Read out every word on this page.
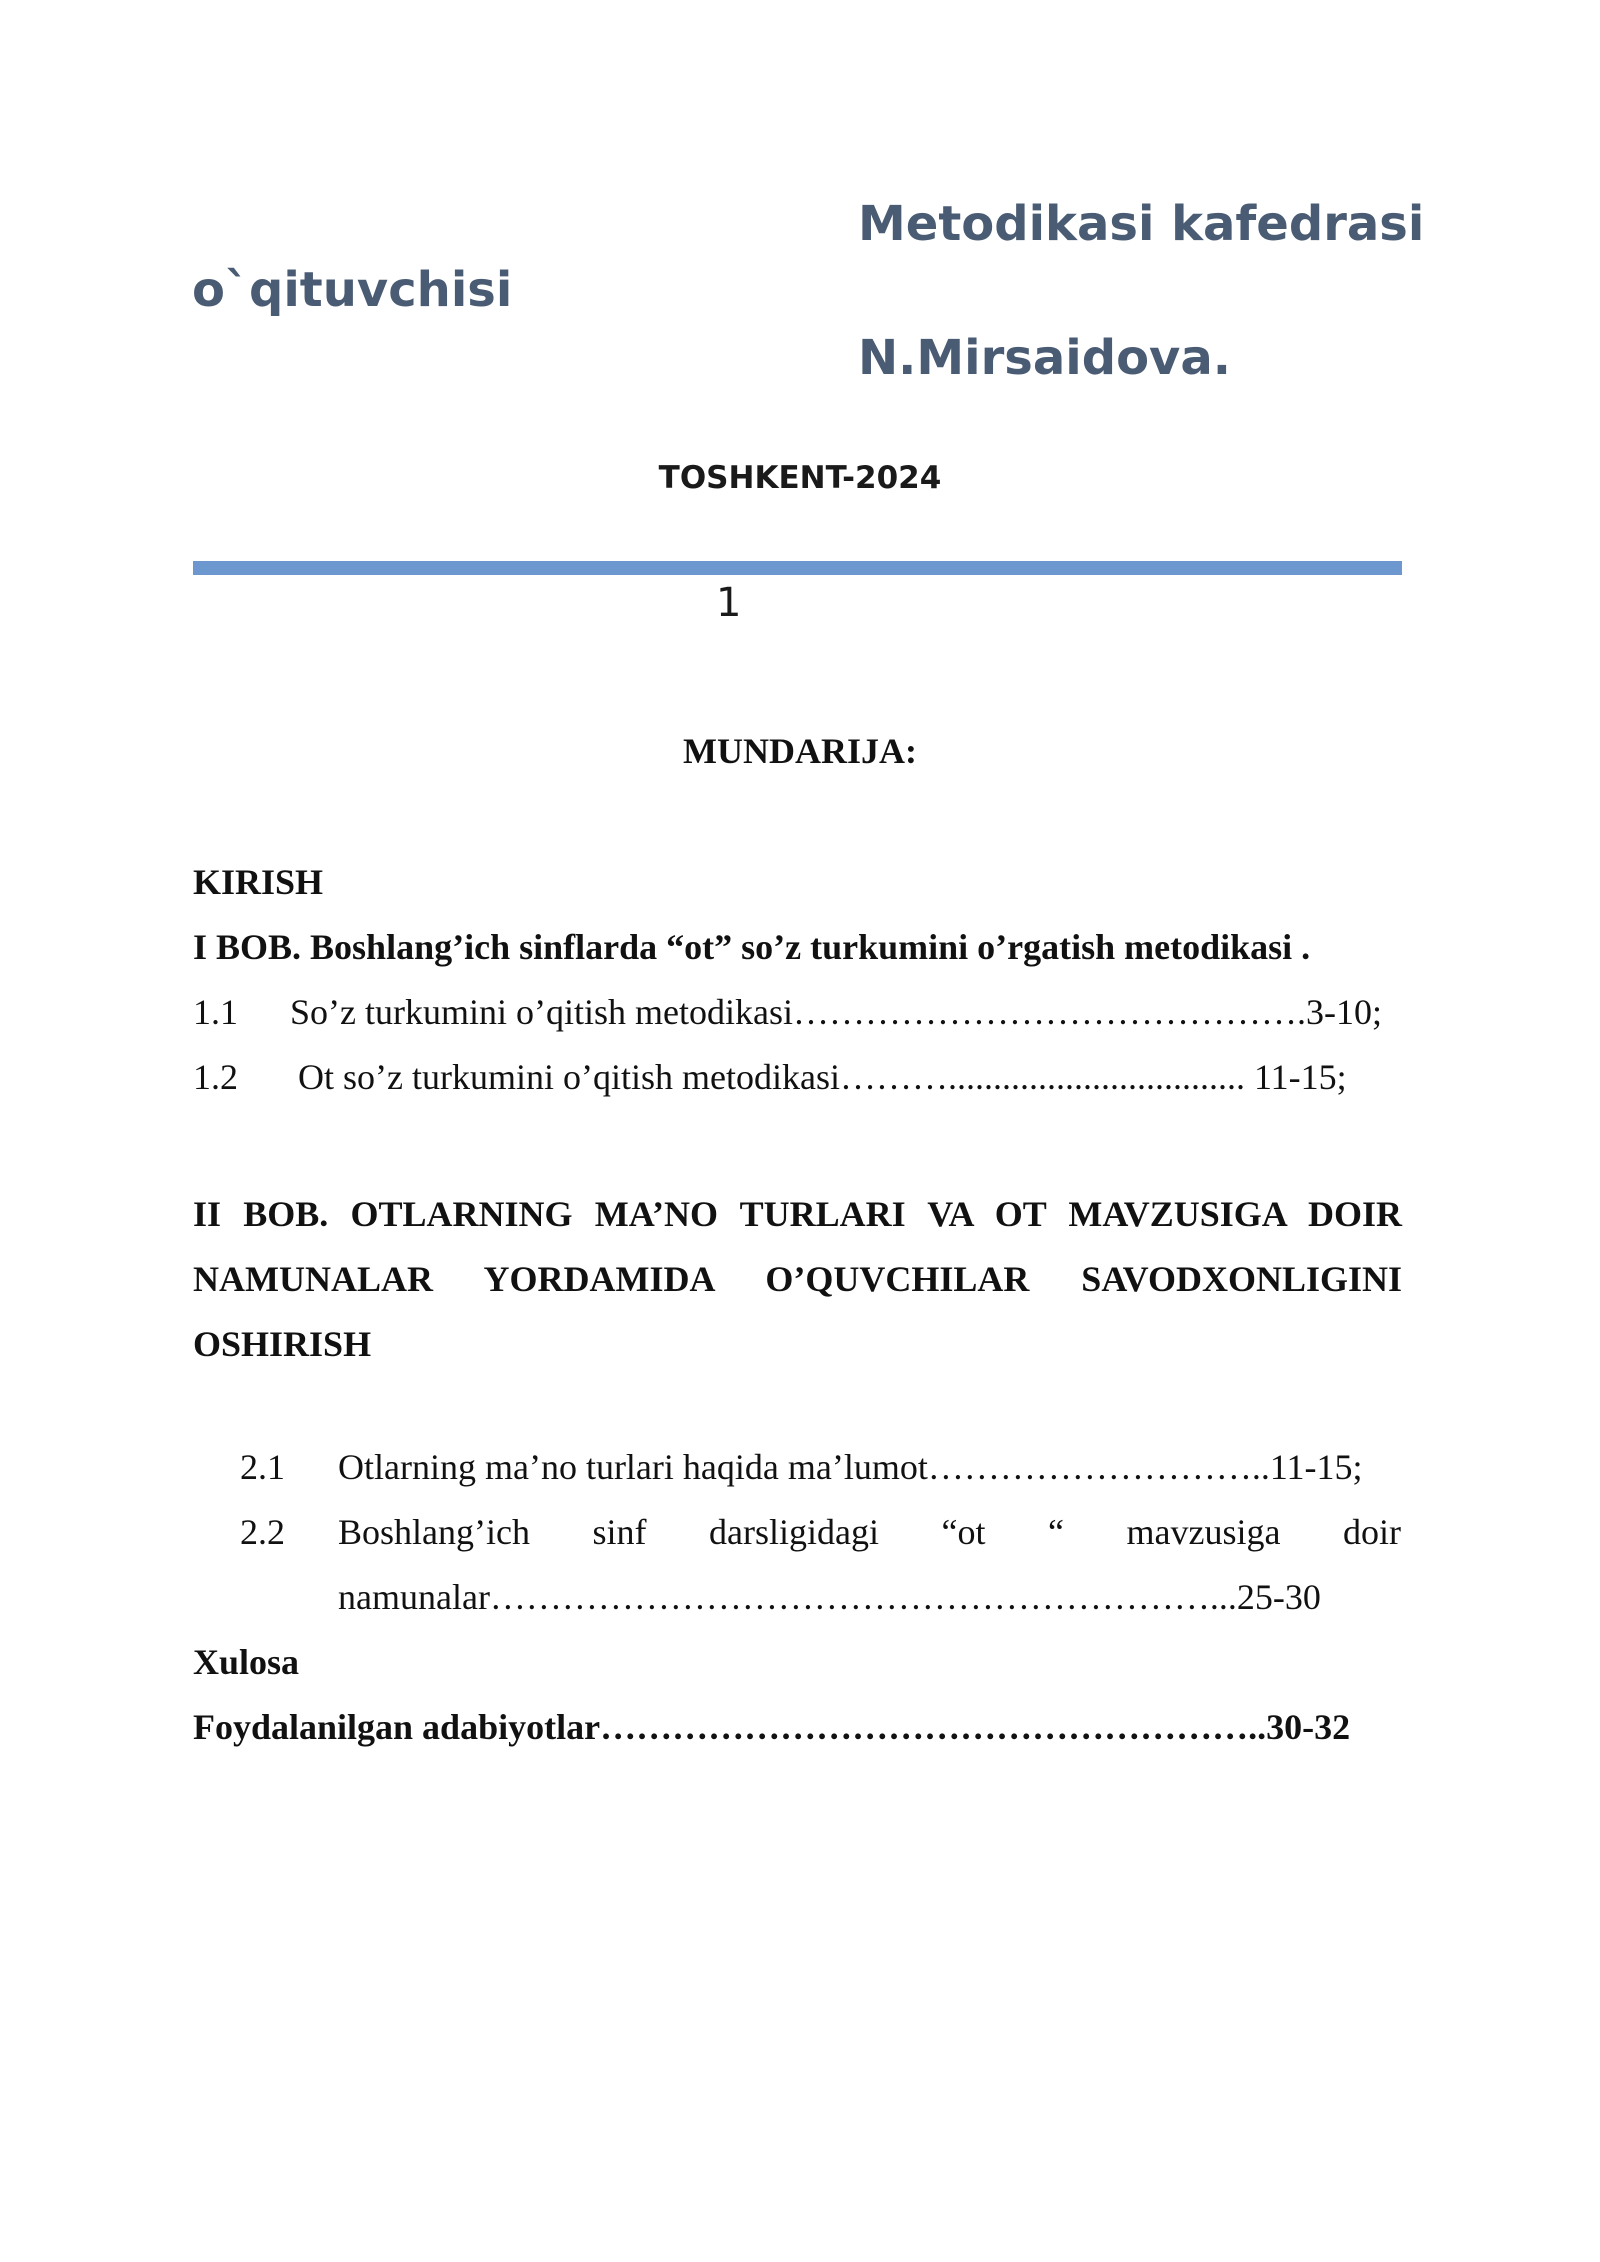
Metodikasi kafedrasi

o`qituvchisi

N.Mirsaidova.

TOSHKENT-2024

1

MUNDARIJA:

KIRISH

I BOB. Boshlang’ich sinflarda “ot” so’z turkumini o’rgatish metodikasi .

1.1 So’z turkumini o’qitish metodikasi…………………………………….3-10;

1.2 Ot so’z turkumini o’qitish metodikasi………................................. 11-15;

II BOB. OTLARNING MA’NO TURLARI VA OT MAVZUSIGA DOIR NAMUNALAR YORDAMIDA O’QUVCHILAR SAVODXONLIGINI OSHIRISH

2.1 Otlarning ma’no turlari haqida ma’lumot………………………..11-15;

2.2 Boshlang’ich sinf darsligidagi “ot “ mavzusiga doir

namunalar……………………………………………………...25-30

Xulosa

Foydalanilgan adabiyotlar………………………………………………..30-32
